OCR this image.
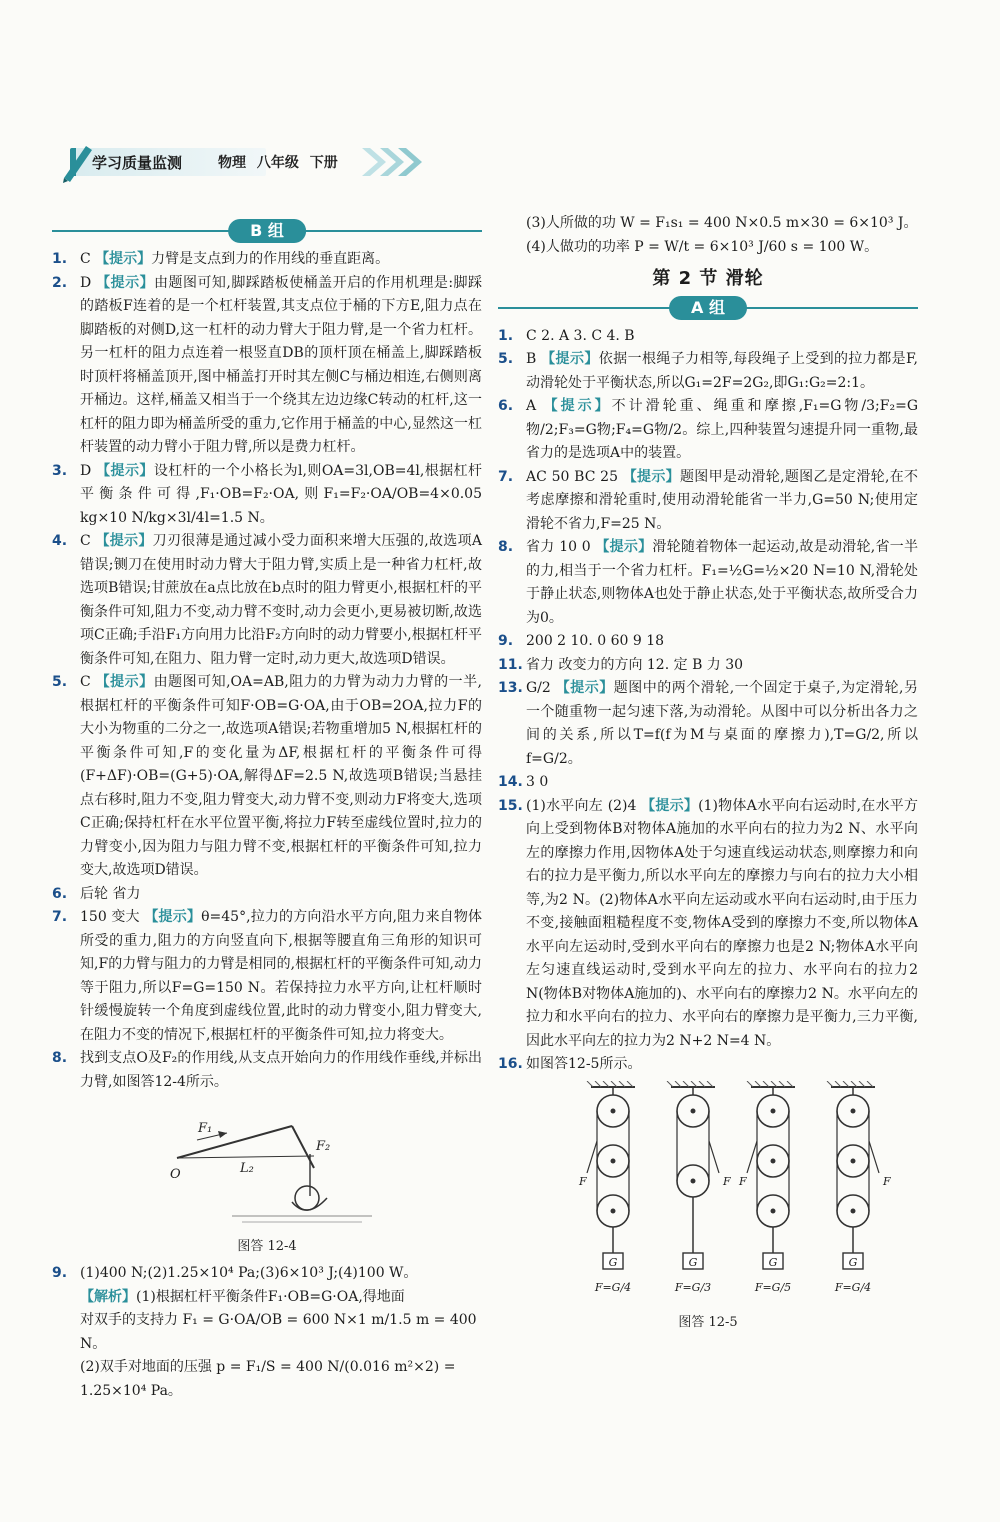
学习质量监测	物理 八年级 下册
B 组
1. C 【提示】力臂是支点到力的作用线的垂直距离。
2. D 【提示】由题图可知,脚踩踏板使桶盖开启的作用机理是:脚踩的踏板F连着的是一个杠杆装置,其支点位于桶的下方E,阻力点在脚踏板的对侧D,这一杠杆的动力臂大于阻力臂,是一个省力杠杆。另一杠杆的阻力点连着一根竖直DB的顶杆顶在桶盖上,脚踩踏板时顶杆将桶盖顶开,图中桶盖打开时其左侧C与桶边相连,右侧则离开桶边。这样,桶盖又相当于一个绕其左边边缘C转动的杠杆,这一杠杆的阻力即为桶盖所受的重力,它作用于桶盖的中心,显然这一杠杆装置的动力臂小于阻力臂,所以是费力杠杆。
3. D 【提示】设杠杆的一个小格长为l,则OA=3l,OB=4l,根据杠杆平衡条件可得,F₁·OB=F₂·OA,则F₁=F₂·OA/OB=4×0.05 kg×10 N/kg×3l/4l=1.5 N。
4. C 【提示】刀刃很薄是通过减小受力面积来增大压强的,故选项A错误;铡刀在使用时动力臂大于阻力臂,实质上是一种省力杠杆,故选项B错误;甘蔗放在a点比放在b点时的阻力臂更小,根据杠杆的平衡条件可知,阻力不变,动力臂不变时,动力会更小,更易被切断,故选项C正确;手沿F₁方向用力比沿F₂方向时的动力臂要小,根据杠杆平衡条件可知,在阻力、阻力臂一定时,动力更大,故选项D错误。
5. C 【提示】由题图可知,OA=AB,阻力的力臂为动力力臂的一半,根据杠杆的平衡条件可知F·OB=G·OA,由于OB=2OA,拉力F的大小为物重的二分之一,故选项A错误;若物重增加5 N,根据杠杆的平衡条件可知,F的变化量为ΔF,根据杠杆的平衡条件可得(F+ΔF)·OB=(G+5)·OA,解得ΔF=2.5 N,故选项B错误;当悬挂点右移时,阻力不变,阻力臂变大,动力臂不变,则动力F将变大,选项C正确;保持杠杆在水平位置平衡,将拉力F转至虚线位置时,拉力的力臂变小,因为阻力与阻力臂不变,根据杠杆的平衡条件可知,拉力变大,故选项D错误。
6. 后轮 省力
7. 150 变大 【提示】θ=45°,拉力的方向沿水平方向,阻力来自物体所受的重力,阻力的方向竖直向下,根据等腰直角三角形的知识可知,F的力臂与阻力的力臂是相同的,根据杠杆的平衡条件可知,动力等于阻力,所以F=G=150 N。若保持拉力水平方向,让杠杆顺时针缓慢旋转一个角度到虚线位置,此时的动力臂变小,阻力臂变大,在阻力不变的情况下,根据杠杆的平衡条件可知,拉力将变大。
8. 找到支点O及F₂的作用线,从支点开始向力的作用线作垂线,并标出力臂,如图答12-4所示。
F₁
F₂
O	L₂
图答 12-4
9. (1)400 N;(2)1.25×10⁴ Pa;(3)6×10³ J;(4)100 W。
【解析】(1)根据杠杆平衡条件F₁·OB=G·OA,得地面
对双手的支持力 F₁ = G·OA/OB = 600 N×1 m/1.5 m = 400 N。
(2)双手对地面的压强 p = F₁/S = 400 N/(0.016 m²×2) = 1.25×10⁴ Pa。
(3)人所做的功 W = F₁s₁ = 400 N×0.5 m×30 = 6×10³ J。
(4)人做功的功率 P = W/t = 6×10³ J/60 s = 100 W。
第 2 节 滑轮
A 组
1. C 2. A 3. C 4. B
5. B 【提示】依据一根绳子力相等,每段绳子上受到的拉力都是F,动滑轮处于平衡状态,所以G₁=2F=2G₂,即G₁:G₂=2:1。
6. A 【提示】不计滑轮重、绳重和摩擦,F₁=G物/3;F₂=G物/2;F₃=G物;F₄=G物/2。综上,四种装置匀速提升同一重物,最省力的是选项A中的装置。
7. AC 50 BC 25 【提示】题图甲是动滑轮,题图乙是定滑轮,在不考虑摩擦和滑轮重时,使用动滑轮能省一半力,G=50 N;使用定滑轮不省力,F=25 N。
8. 省力 10 0 【提示】滑轮随着物体一起运动,故是动滑轮,省一半的力,相当于一个省力杠杆。F₁=½G=½×20 N=10 N,滑轮处于静止状态,则物体A也处于静止状态,处于平衡状态,故所受合力为0。
9. 200 2 10. 0 60 9 18
11. 省力 改变力的方向 12. 定 B 力 30
13. G/2 【提示】题图中的两个滑轮,一个固定于桌子,为定滑轮,另一个随重物一起匀速下落,为动滑轮。从图中可以分析出各力之间的关系,所以T=f(f为M与桌面的摩擦力),T=G/2,所以f=G/2。
14. 3 0
15. (1)水平向左 (2)4 【提示】(1)物体A水平向右运动时,在水平方向上受到物体B对物体A施加的水平向右的拉力为2 N、水平向左的摩擦力作用,因物体A处于匀速直线运动状态,则摩擦力和向右的拉力是平衡力,所以水平向左的摩擦力与向右的拉力大小相等,为2 N。(2)物体A水平向左运动或水平向右运动时,由于压力不变,接触面粗糙程度不变,物体A受到的摩擦力不变,所以物体A水平向左运动时,受到水平向右的摩擦力也是2 N;物体A水平向左匀速直线运动时,受到水平向左的拉力、水平向右的拉力2 N(物体B对物体A施加的)、水平向右的摩擦力2 N。水平向左的拉力和水平向右的拉力、水平向右的摩擦力是平衡力,三力平衡,因此水平向左的拉力为2 N+2 N=4 N。
16. 如图答12-5所示。
G
F
F=G/4
G
F
F=G/3
G
F
F=G/5
G
F
F=G/4
图答 12-5
